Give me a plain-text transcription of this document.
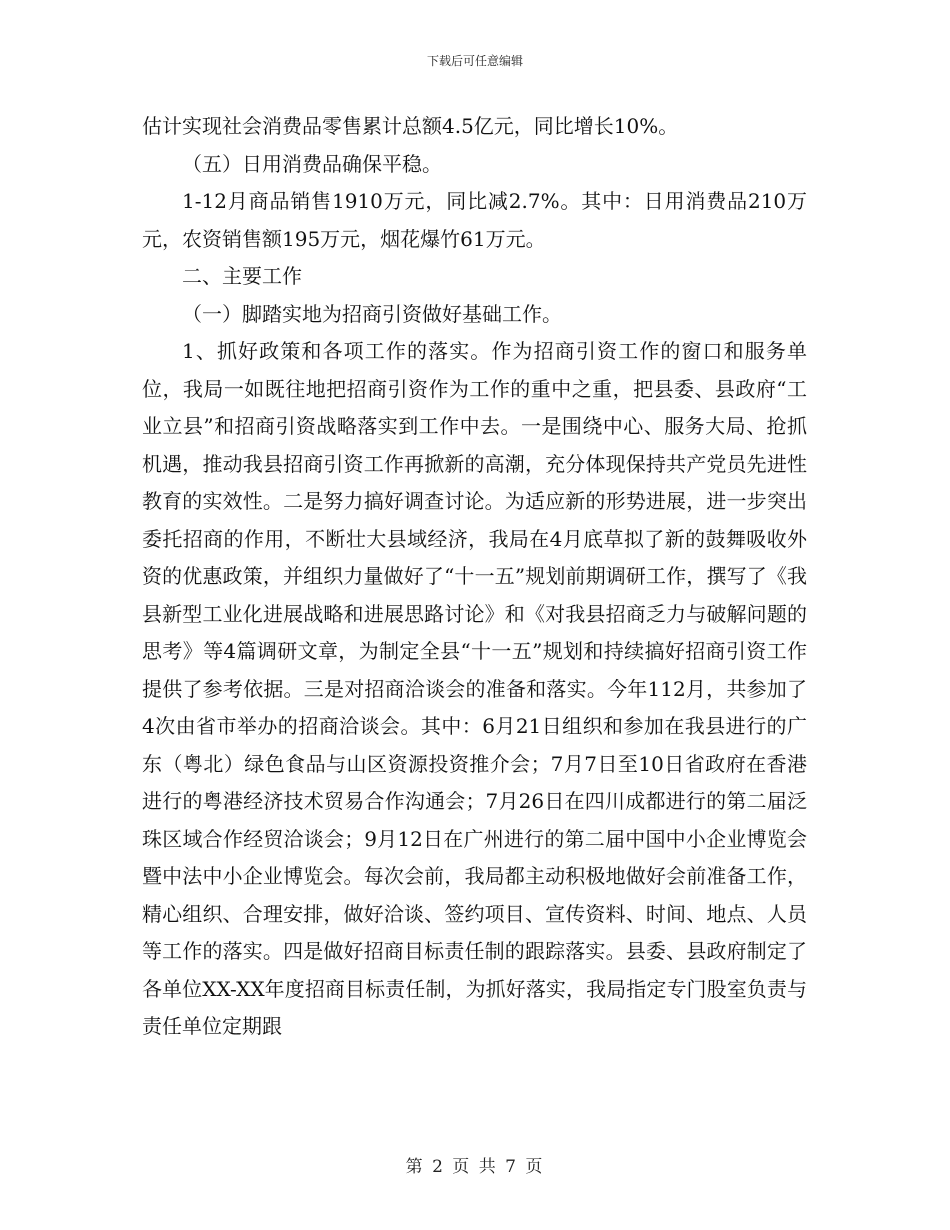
下载后可任意编辑

估计实现社会消费品零售累计总额4.5亿元，同比增长10%。

（五）日用消费品确保平稳。

1-12月商品销售1910万元，同比减2.7%。其中：日用消费品210万元，农资销售额195万元，烟花爆竹61万元。

二、主要工作

（一）脚踏实地为招商引资做好基础工作。

1、抓好政策和各项工作的落实。作为招商引资工作的窗口和服务单位，我局一如既往地把招商引资作为工作的重中之重，把县委、县政府“工业立县”和招商引资战略落实到工作中去。一是围绕中心、服务大局、抢抓机遇，推动我县招商引资工作再掀新的高潮，充分体现保持共产党员先进性教育的实效性。二是努力搞好调查讨论。为适应新的形势进展，进一步突出委托招商的作用，不断壮大县域经济，我局在4月底草拟了新的鼓舞吸收外资的优惠政策，并组织力量做好了“十一五”规划前期调研工作，撰写了《我县新型工业化进展战略和进展思路讨论》和《对我县招商乏力与破解问题的思考》等4篇调研文章，为制定全县“十一五”规划和持续搞好招商引资工作提供了参考依据。三是对招商洽谈会的准备和落实。今年112月，共参加了4次由省市举办的招商洽谈会。其中：6月21日组织和参加在我县进行的广东（粤北）绿色食品与山区资源投资推介会；7月7日至10日省政府在香港进行的粤港经济技术贸易合作沟通会；7月26日在四川成都进行的第二届泛珠区域合作经贸洽谈会；9月12日在广州进行的第二届中国中小企业博览会暨中法中小企业博览会。每次会前，我局都主动积极地做好会前准备工作，精心组织、合理安排，做好洽谈、签约项目、宣传资料、时间、地点、人员等工作的落实。四是做好招商目标责任制的跟踪落实。县委、县政府制定了各单位XX-XX年度招商目标责任制，为抓好落实，我局指定专门股室负责与责任单位定期跟

第 2 页 共 7 页
